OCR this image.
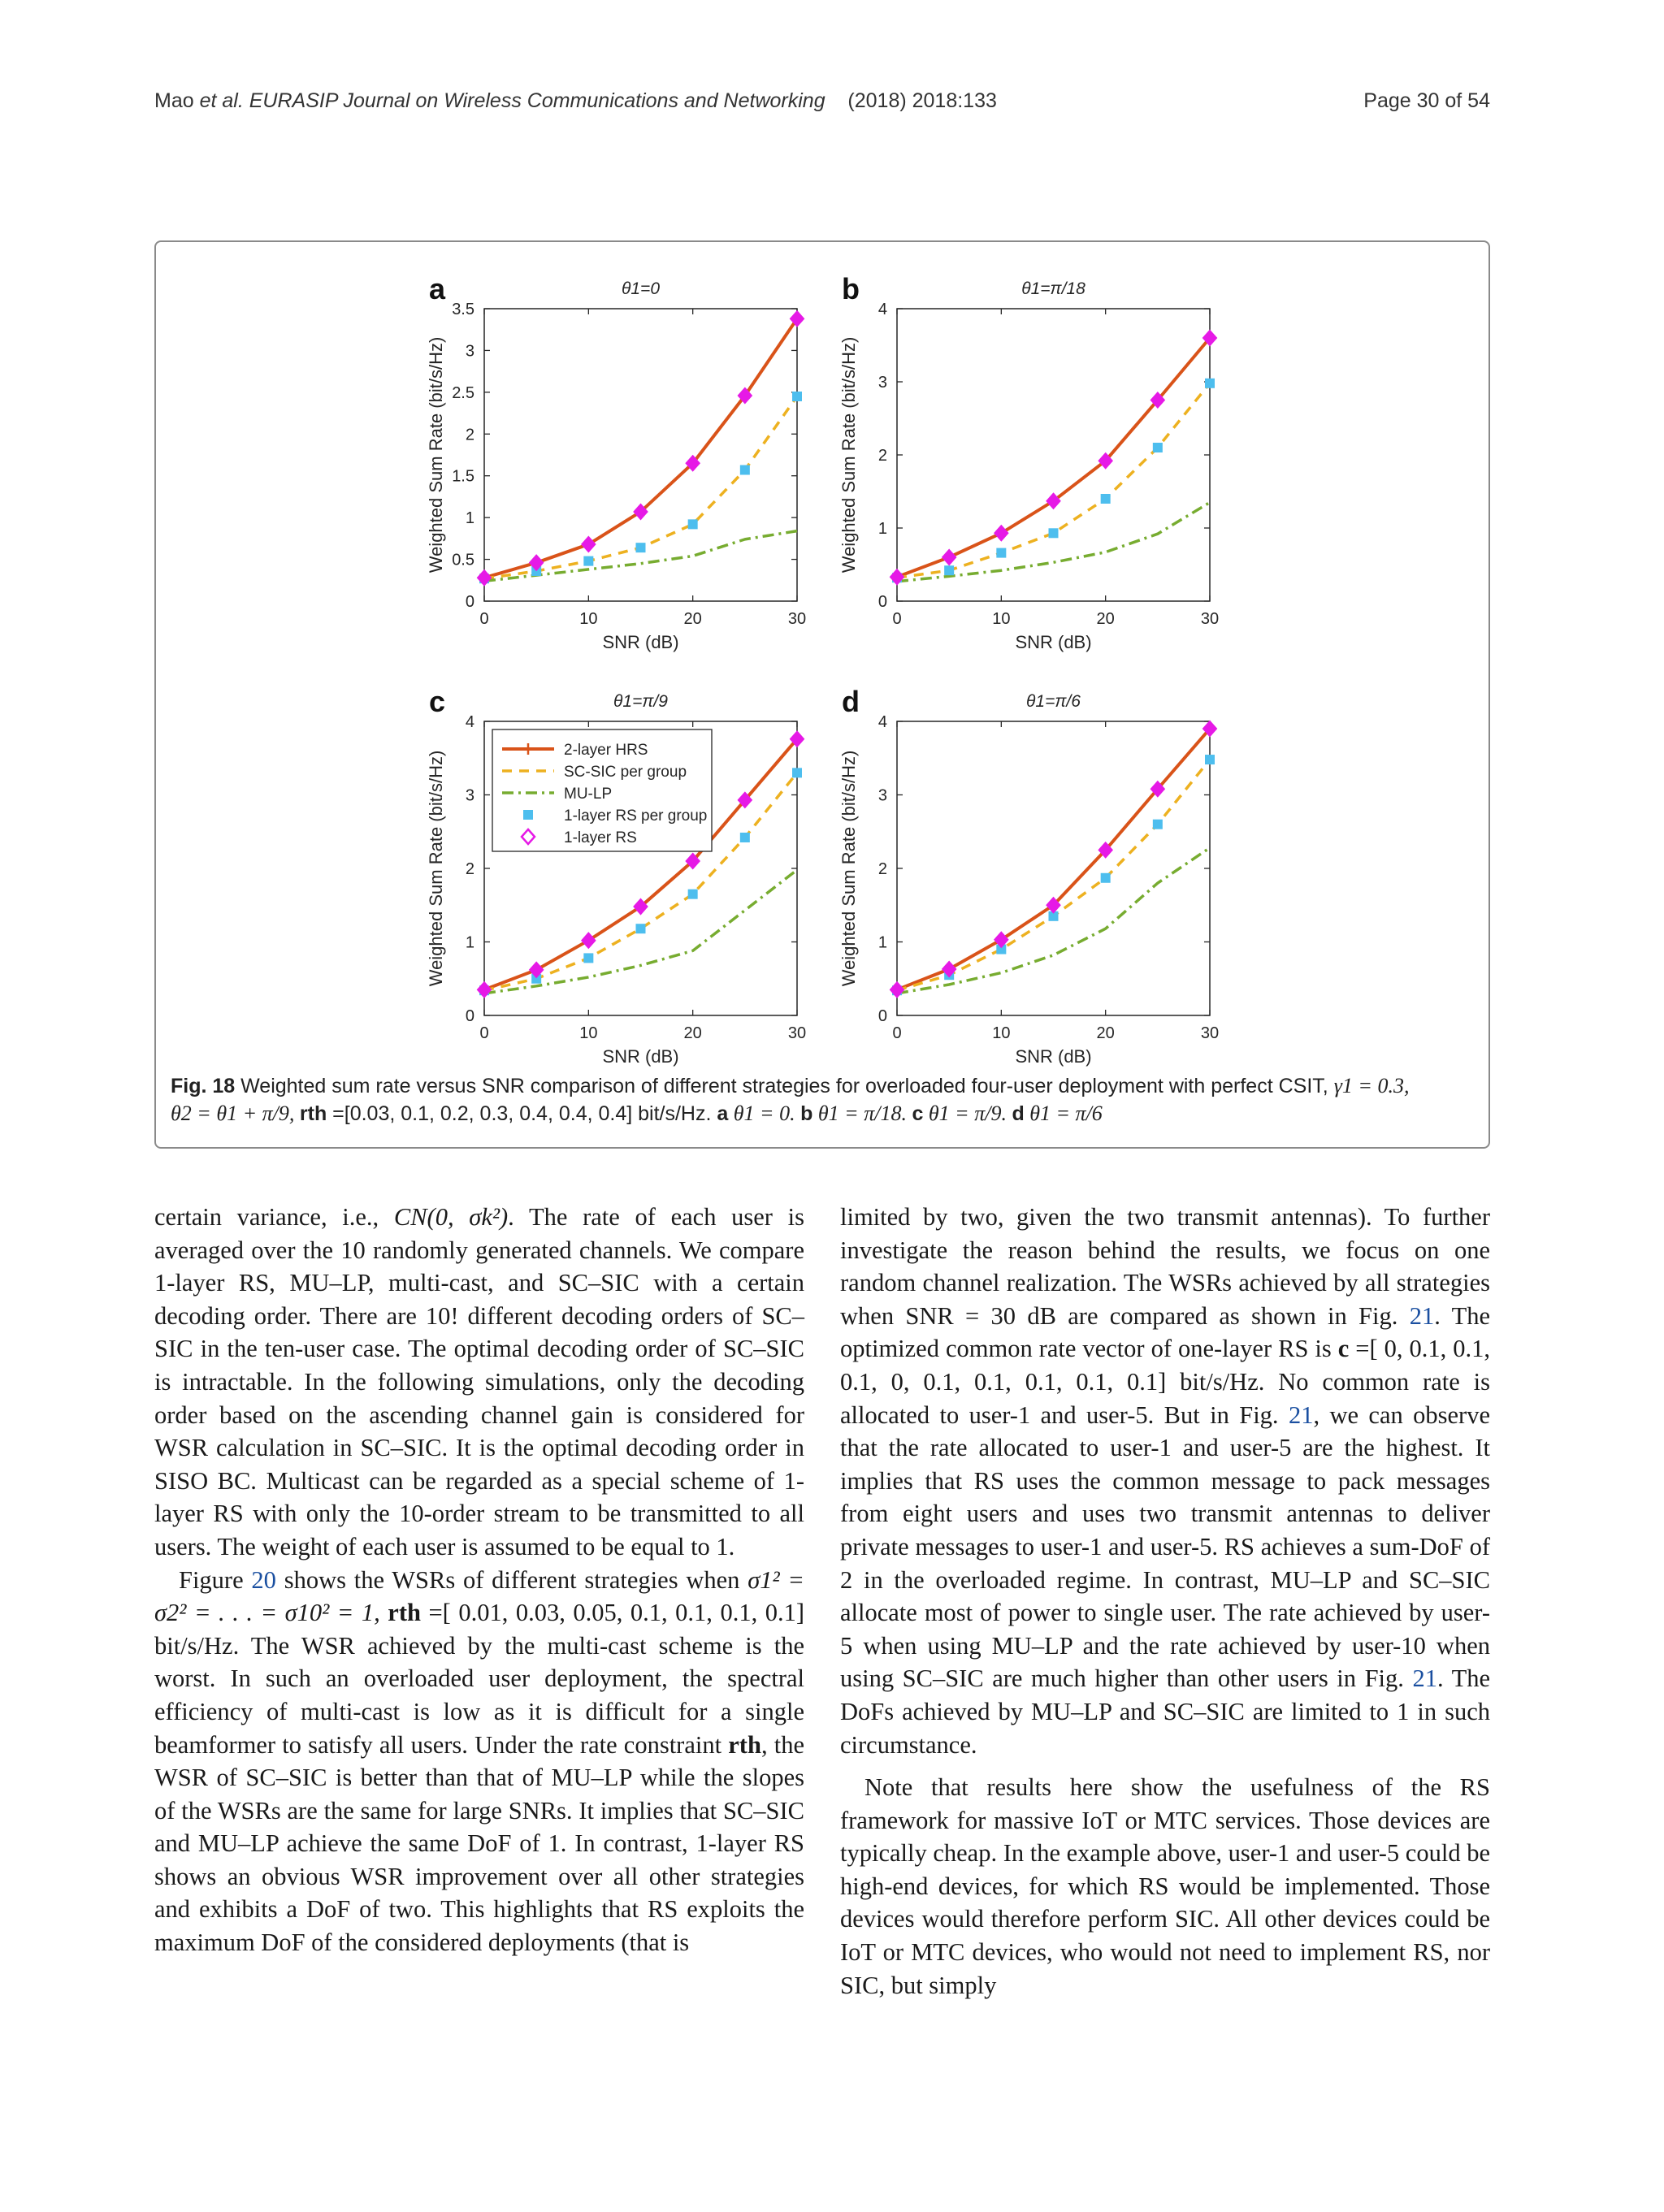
Mao et al. EURASIP Journal on Wireless Communications and Networking (2018) 2018:133	Page 30 of 54
0	10	20	30
0
0.5
1
1.5
2
2.5
3
3.5
SNR (dB)
Weighted Sum Rate (bit/s/Hz)
θ1=0
a
0	10	20	30
0
1
2
3
4
SNR (dB)
Weighted Sum Rate (bit/s/Hz)
θ1=π/18
b
0	10	20	30
0
1
2
3
4
SNR (dB)
Weighted Sum Rate (bit/s/Hz)
θ1=π/9
c
0	10	20	30
0
1
2
3
4
SNR (dB)
Weighted Sum Rate (bit/s/Hz)
θ1=π/6
d
2-layer HRS
SC-SIC per group
MU-LP
1-layer RS per group
1-layer RS
Fig. 18 Weighted sum rate versus SNR comparison of different strategies for overloaded four-user deployment with perfect CSIT, γ1 = 0.3,
θ2 = θ1 + π/9, rth =[0.03, 0.1, 0.2, 0.3, 0.4, 0.4, 0.4] bit/s/Hz. a θ1 = 0. b θ1 = π/18. c θ1 = π/9. d θ1 = π/6

certain variance, i.e., CN(0, σk²). The rate of each user is averaged over the 10 randomly generated channels. We compare 1-layer RS, MU–LP, multi-cast, and SC–SIC with a certain decoding order. There are 10! different decoding orders of SC–SIC in the ten-user case. The optimal decoding order of SC–SIC is intractable. In the following simulations, only the decoding order based on the ascending channel gain is considered for WSR calculation in SC–SIC. It is the optimal decoding order in SISO BC. Multicast can be regarded as a special scheme of 1-layer RS with only the 10-order stream to be transmitted to all users. The weight of each user is assumed to be equal to 1.

Figure 20 shows the WSRs of different strategies when σ1² = σ2² = . . . = σ10² = 1, rth =[ 0.01, 0.03, 0.05, 0.1, 0.1, 0.1, 0.1] bit/s/Hz. The WSR achieved by the multi-cast scheme is the worst. In such an overloaded user deployment, the spectral efficiency of multi-cast is low as it is difficult for a single beamformer to satisfy all users. Under the rate constraint rth, the WSR of SC–SIC is better than that of MU–LP while the slopes of the WSRs are the same for large SNRs. It implies that SC–SIC and MU–LP achieve the same DoF of 1. In contrast, 1-layer RS shows an obvious WSR improvement over all other strategies and exhibits a DoF of two. This highlights that RS exploits the maximum DoF of the considered deployments (that is

limited by two, given the two transmit antennas). To further investigate the reason behind the results, we focus on one random channel realization. The WSRs achieved by all strategies when SNR = 30 dB are compared as shown in Fig. 21. The optimized common rate vector of one-layer RS is c =[ 0, 0.1, 0.1, 0.1, 0, 0.1, 0.1, 0.1, 0.1, 0.1] bit/s/Hz. No common rate is allocated to user-1 and user-5. But in Fig. 21, we can observe that the rate allocated to user-1 and user-5 are the highest. It implies that RS uses the common message to pack messages from eight users and uses two transmit antennas to deliver private messages to user-1 and user-5. RS achieves a sum-DoF of 2 in the overloaded regime. In contrast, MU–LP and SC–SIC allocate most of power to single user. The rate achieved by user-5 when using MU–LP and the rate achieved by user-10 when using SC–SIC are much higher than other users in Fig. 21. The DoFs achieved by MU–LP and SC–SIC are limited to 1 in such circumstance.

Note that results here show the usefulness of the RS framework for massive IoT or MTC services. Those devices are typically cheap. In the example above, user-1 and user-5 could be high-end devices, for which RS would be implemented. Those devices would therefore perform SIC. All other devices could be IoT or MTC devices, who would not need to implement RS, nor SIC, but simply
